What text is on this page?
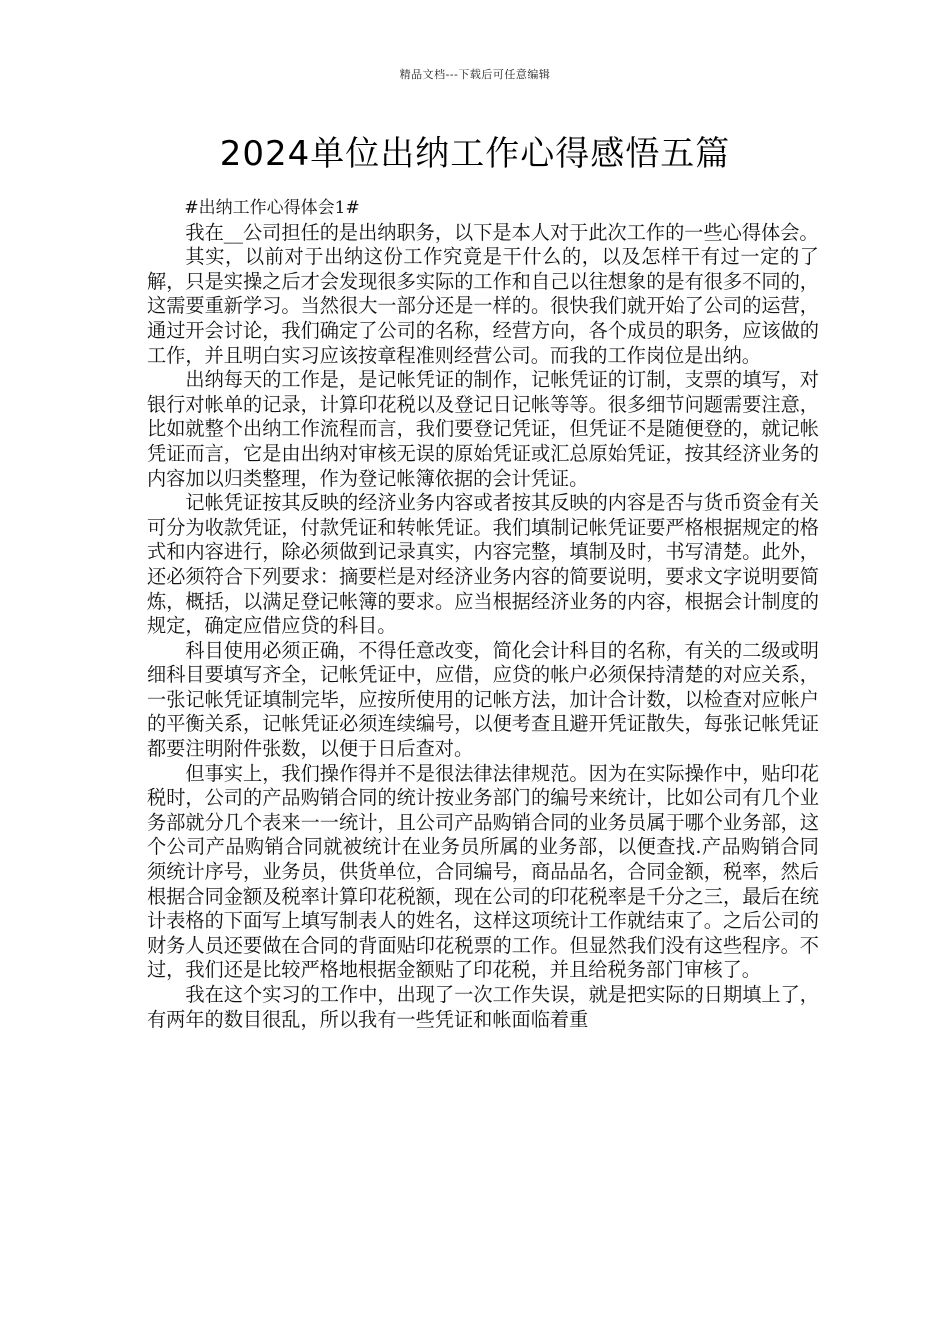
精品文档---下载后可任意编辑
2024单位出纳工作心得感悟五篇

#出纳工作心得体会1#

我在__公司担任的是出纳职务，以下是本人对于此次工作的一些心得体会。

其实，以前对于出纳这份工作究竟是干什么的，以及怎样干有过一定的了解，只是实操之后才会发现很多实际的工作和自己以往想象的是有很多不同的，这需要重新学习。当然很大一部分还是一样的。很快我们就开始了公司的运营，通过开会讨论，我们确定了公司的名称，经营方向，各个成员的职务，应该做的工作，并且明白实习应该按章程准则经营公司。而我的工作岗位是出纳。

出纳每天的工作是，是记帐凭证的制作，记帐凭证的订制，支票的填写，对银行对帐单的记录，计算印花税以及登记日记帐等等。很多细节问题需要注意，比如就整个出纳工作流程而言，我们要登记凭证，但凭证不是随便登的，就记帐凭证而言，它是由出纳对审核无误的原始凭证或汇总原始凭证，按其经济业务的内容加以归类整理，作为登记帐簿依据的会计凭证。

记帐凭证按其反映的经济业务内容或者按其反映的内容是否与货币资金有关可分为收款凭证，付款凭证和转帐凭证。我们填制记帐凭证要严格根据规定的格式和内容进行，除必须做到记录真实，内容完整，填制及时，书写清楚。此外，还必须符合下列要求：摘要栏是对经济业务内容的简要说明，要求文字说明要简炼，概括，以满足登记帐簿的要求。应当根据经济业务的内容，根据会计制度的规定，确定应借应贷的科目。

科目使用必须正确，不得任意改变，简化会计科目的名称，有关的二级或明细科目要填写齐全，记帐凭证中，应借，应贷的帐户必须保持清楚的对应关系，一张记帐凭证填制完毕，应按所使用的记帐方法，加计合计数，以检查对应帐户的平衡关系，记帐凭证必须连续编号，以便考查且避开凭证散失，每张记帐凭证都要注明附件张数，以便于日后查对。

但事实上，我们操作得并不是很法律法律规范。因为在实际操作中，贴印花税时，公司的产品购销合同的统计按业务部门的编号来统计，比如公司有几个业务部就分几个表来一一统计，且公司产品购销合同的业务员属于哪个业务部，这个公司产品购销合同就被统计在业务员所属的业务部，以便查找.产品购销合同须统计序号，业务员，供货单位，合同编号，商品品名，合同金额，税率，然后根据合同金额及税率计算印花税额，现在公司的印花税率是千分之三，最后在统计表格的下面写上填写制表人的姓名，这样这项统计工作就结束了。之后公司的财务人员还要做在合同的背面贴印花税票的工作。但显然我们没有这些程序。不过，我们还是比较严格地根据金额贴了印花税，并且给税务部门审核了。

我在这个实习的工作中，出现了一次工作失误，就是把实际的日期填上了，有两年的数目很乱，所以我有一些凭证和帐面临着重
